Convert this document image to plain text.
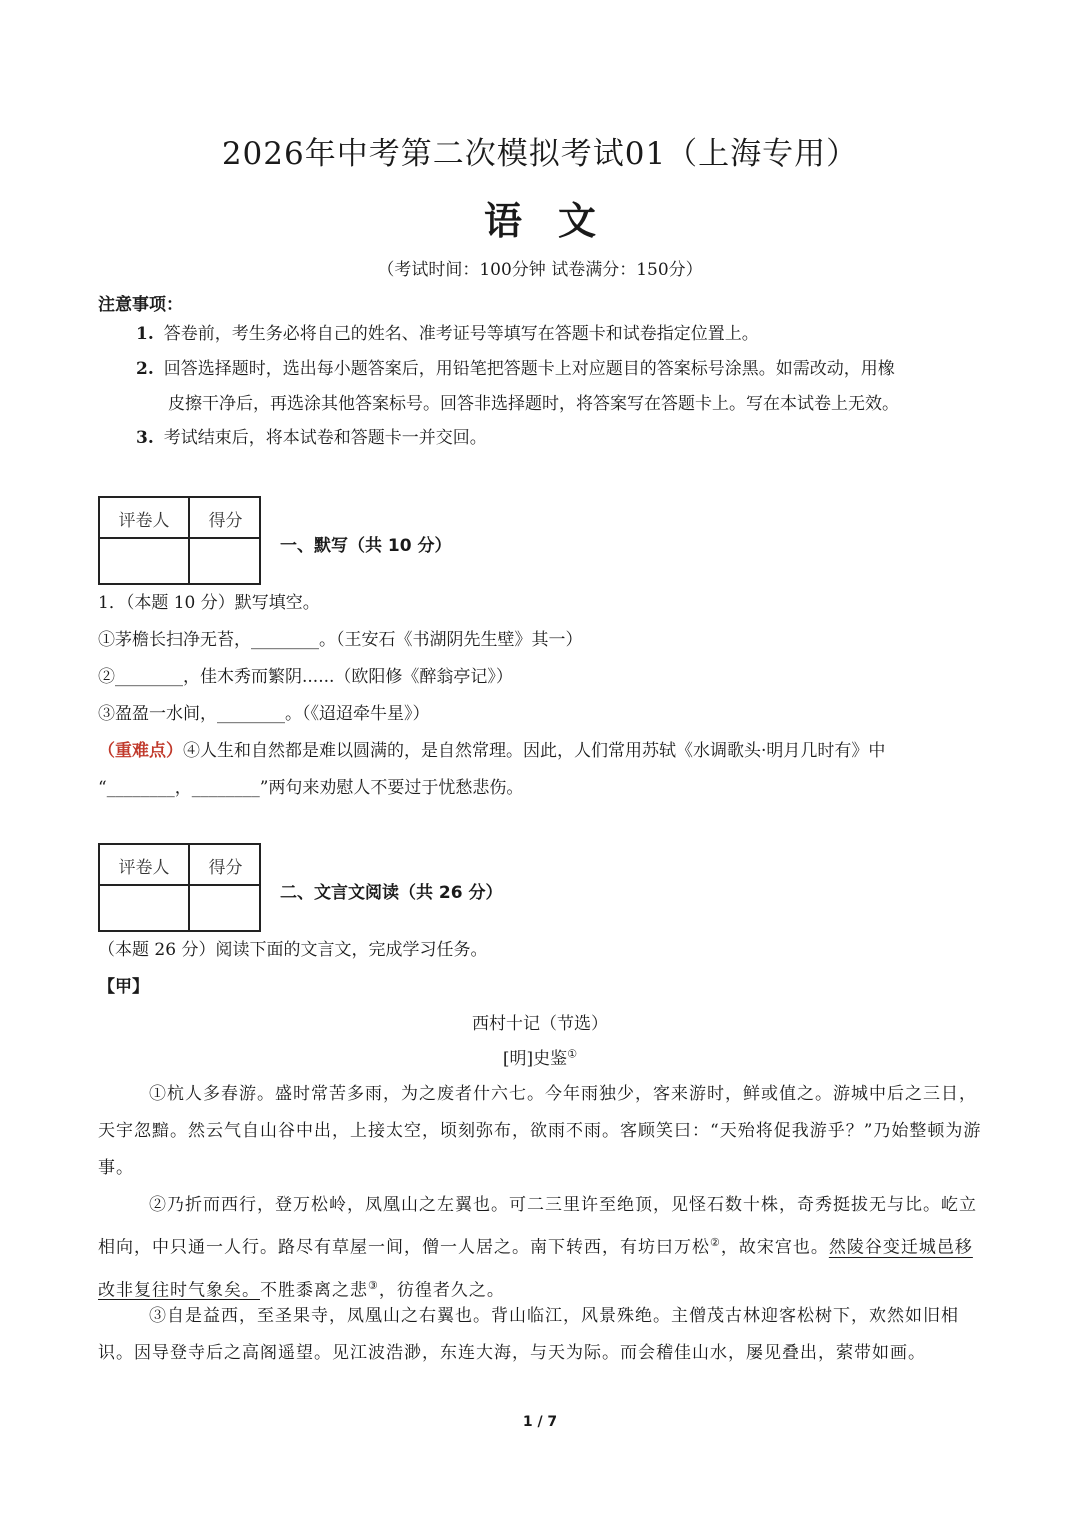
2026年中考第二次模拟考试01（上海专用）
语文
（考试时间：100分钟 试卷满分：150分）
注意事项：
1. 答卷前，考生务必将自己的姓名、准考证号等填写在答题卡和试卷指定位置上。
2. 回答选择题时，选出每小题答案后，用铅笔把答题卡上对应题目的答案标号涂黑。如需改动，用橡
皮擦干净后，再选涂其他答案标号。回答非选择题时，将答案写在答题卡上。写在本试卷上无效。
3. 考试结束后，将本试卷和答题卡一并交回。
评卷人	得分
一、默写（共 10 分）
1．（本题 10 分）默写填空。
①茅檐长扫净无苔，________。（王安石《书湖阴先生壁》其一）
②________，佳木秀而繁阴......（欧阳修《醉翁亭记》）
③盈盈一水间，________。（《迢迢牵牛星》）
（重难点）④人生和自然都是难以圆满的，是自然常理。因此，人们常用苏轼《水调歌头·明月几时有》中
“________，________”两句来劝慰人不要过于忧愁悲伤。
评卷人	得分
二、文言文阅读（共 26 分）
（本题 26 分）阅读下面的文言文，完成学习任务。
【甲】
西村十记（节选）
[明]史鉴①
①杭人多春游。盛时常苦多雨，为之废者什六七。今年雨独少，客来游时，鲜或值之。游城中后之三日，天宇忽黯。然云气自山谷中出，上接太空，顷刻弥布，欲雨不雨。客顾笑曰：“天殆将促我游乎？”乃始整顿为游事。
②乃折而西行，登万松岭，凤凰山之左翼也。可二三里许至绝顶，见怪石数十株，奇秀挺拔无与比。屹立相向，中只通一人行。路尽有草屋一间，僧一人居之。南下转西，有坊曰万松②，故宋宫也。然陵谷变迁城邑移改非复往时气象矣。不胜黍离之悲③，彷徨者久之。
③自是益西，至圣果寺，凤凰山之右翼也。背山临江，风景殊绝。主僧茂古林迎客松树下，欢然如旧相识。因导登寺后之高阁遥望。见江波浩渺，东连大海，与天为际。而会稽佳山水，屡见叠出，萦带如画。
1 / 7
